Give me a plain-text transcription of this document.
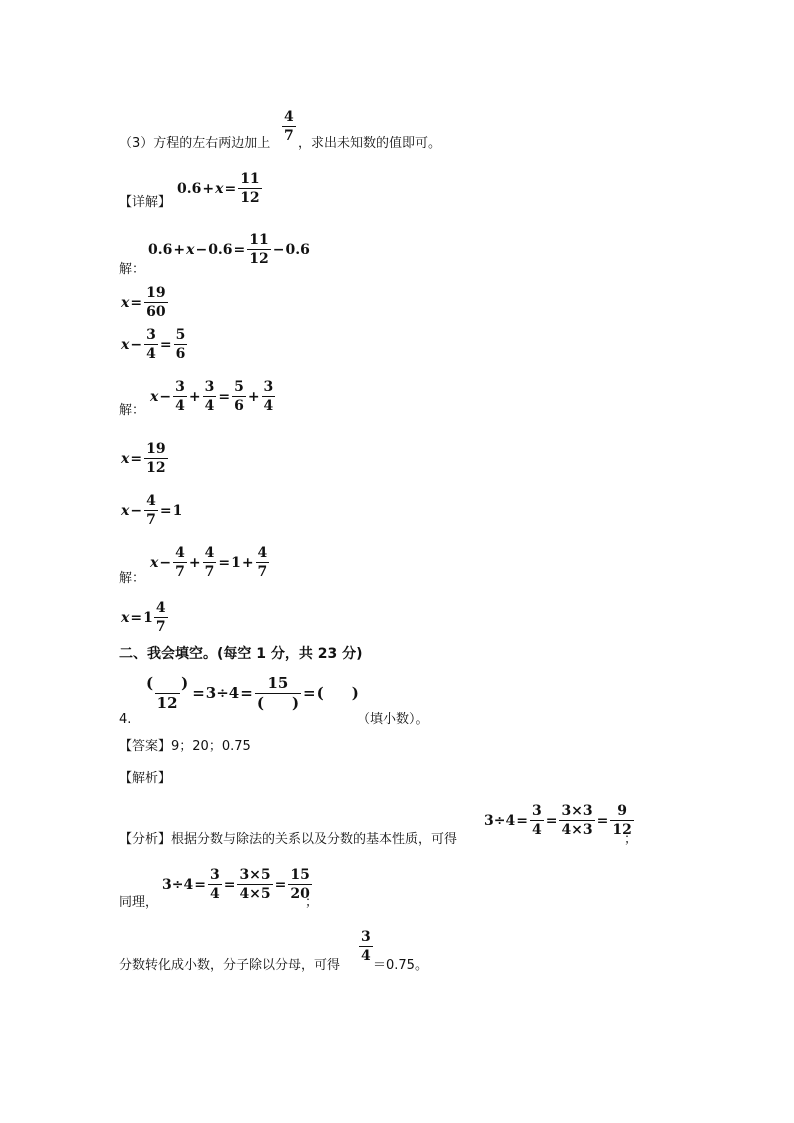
（3）方程的左右两边加上
$\frac{4}{7}$
，求出未知数的值即可。
【详解】
$0.6 + x = \frac{11}{12}$
解：
$0.6 + x - 0.6 = \frac{11}{12} - 0.6$
$x = \frac{19}{60}$
$x - \frac{3}{4} = \frac{5}{6}$
解：
$x - \frac{3}{4} + \frac{3}{4} = \frac{5}{6} + \frac{3}{4}$
$x = \frac{19}{12}$
$x - \frac{4}{7} = 1$
解：
$x - \frac{4}{7} + \frac{4}{7} = 1 + \frac{4}{7}$
$x = 1 \frac{4}{7}$
二、我会填空。(每空 1 分，共 23 分)
4.
$\frac{( )}{12} = 3\div 4 = \frac{15}{( )}$ = ( )
（填小数）。
【答案】9；20；0.75
【解析】
【分析】根据分数与除法的关系以及分数的基本性质，可得
$3\div 4 = \frac{3}{4} = \frac{3\times 3}{4\times 3} = \frac{9}{12}$
；
同理，
$3\div 4 = \frac{3}{4} = \frac{3\times 5}{4\times 5} = \frac{15}{20}$
；
分数转化成小数，分子除以分母，可得
$\frac{3}{4}$
＝0.75。
